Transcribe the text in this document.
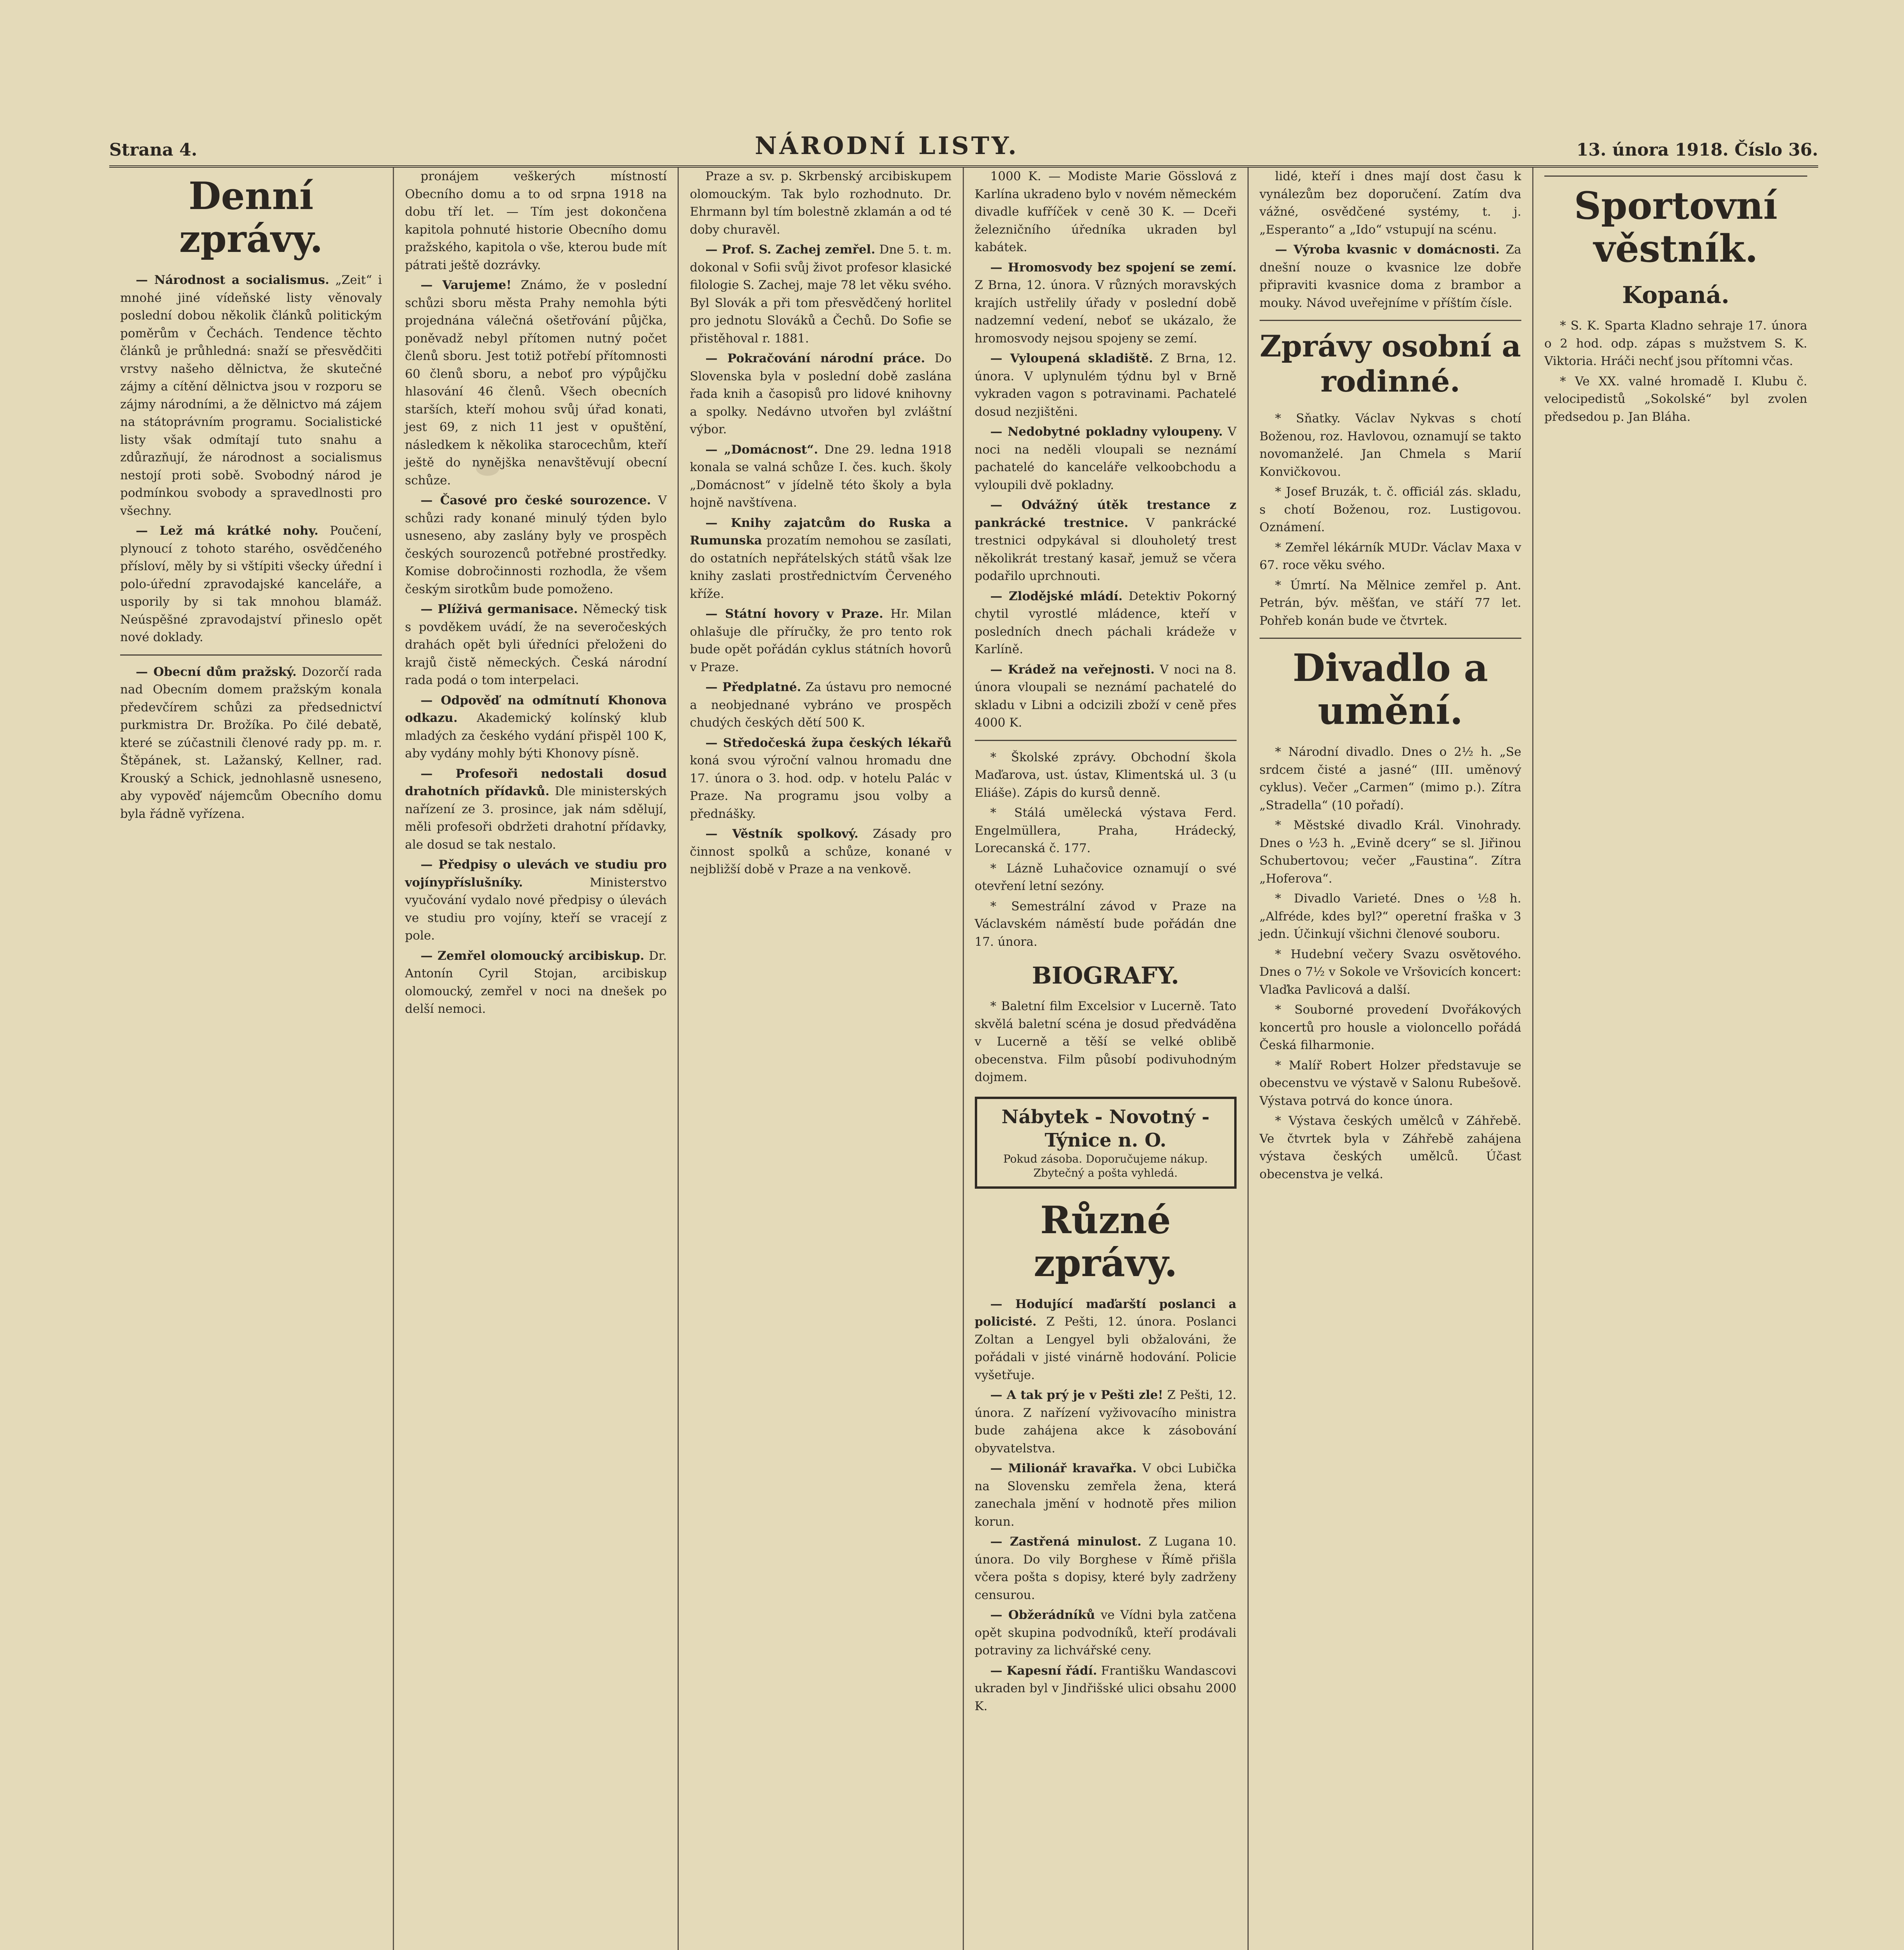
Strana 4.	NÁRODNÍ LISTY.	13. února 1918. Číslo 36.
Denní zprávy.

— Národnost a socialismus. „Zeit“ i mnohé jiné vídeňské listy věnovaly poslední dobou několik článků politickým poměrům v Čechách. Tendence těchto článků je průhledná: snaží se přesvědčiti vrstvy našeho dělnictva, že skutečné zájmy a cítění dělnictva jsou v rozporu se zájmy národními, a že dělnictvo má zájem na státoprávním programu. Socialistické listy však odmítají tuto snahu a zdůrazňují, že národnost a socialismus nestojí proti sobě. Svobodný národ je podmínkou svobody a spravedlnosti pro všechny.

— Lež má krátké nohy. Poučení, plynoucí z tohoto starého, osvědčeného přísloví, měly by si vštípiti všecky úřední i polo-úřední zpravodajské kanceláře, a usporily by si tak mnohou blamáž. Neúspěšné zpravodajství přineslo opět nové doklady.

— Obecní dům pražský. Dozorčí rada nad Obecním domem pražským konala předevčírem schůzi za předsednictví purkmistra Dr. Brožíka. Po čilé debatě, které se zúčastnili členové rady pp. m. r. Štěpánek, st. Lažanský, Kellner, rad. Krouský a Schick, jednohlasně usneseno, aby vypověď nájemcům Obecního domu byla řádně vyřízena.

pronájem veškerých místností Obecního domu a to od srpna 1918 na dobu tří let. — Tím jest dokončena kapitola pohnuté historie Obecního domu pražského, kapitola o vše, kterou bude mít pátrati ještě dozrávky.

— Varujeme! Známo, že v poslední schůzi sboru města Prahy nemohla býti projednána válečná ošetřování půjčka, poněvadž nebyl přítomen nutný počet členů sboru. Jest totiž potřebí přítomnosti 60 členů sboru, a neboť pro výpůjčku hlasování 46 členů. Všech obecních starších, kteří mohou svůj úřad konati, jest 69, z nich 11 jest v opuštění, následkem k několika starocechům, kteří ještě do nynějška nenavštěvují obecní schůze.

— Časové pro české sourozence. V schůzi rady konané minulý týden bylo usneseno, aby zaslány byly ve prospěch českých sourozenců potřebné prostředky. Komise dobročinnosti rozhodla, že všem českým sirotkům bude pomoženo.

— Plíživá germanisace. Německý tisk s povděkem uvádí, že na severočeských drahách opět byli úředníci přeloženi do krajů čistě německých. Česká národní rada podá o tom interpelaci.

— Odpověď na odmítnutí Khonova odkazu. Akademický kolínský klub mladých za českého vydání přispěl 100 K, aby vydány mohly býti Khonovy písně.

— Profesoři nedostali dosud drahotních přídavků. Dle ministerských nařízení ze 3. prosince, jak nám sdělují, měli profesoři obdržeti drahotní přídavky, ale dosud se tak nestalo.

— Předpisy o ulevách ve studiu pro vojínypříslušníky.	Ministerstvo vyučování vydalo nové předpisy o úlevách ve studiu pro vojíny, kteří se vracejí z pole.

— Zemřel olomoucký arcibiskup. Dr. Antonín Cyril Stojan, arcibiskup olomoucký, zemřel v noci na dnešek po delší nemoci.

Praze a sv. p. Skrbenský arcibiskupem olomouckým. Tak bylo rozhodnuto. Dr. Ehrmann byl tím bolestně zklamán a od té doby churavěl.

— Prof. S. Zachej zemřel. Dne 5. t. m. dokonal v Sofii svůj život profesor klasické filologie S. Zachej, maje 78 let věku svého. Byl Slovák a při tom přesvědčený horlitel pro jednotu Slováků a Čechů. Do Sofie se přistěhoval r. 1881.

— Pokračování národní práce. Do Slovenska byla v poslední době zaslána řada knih a časopisů pro lidové knihovny a spolky. Nedávno utvořen byl zvláštní výbor.

— „Domácnost“. Dne 29. ledna 1918 konala se valná schůze I. čes. kuch. školy „Domácnost“ v jídelně této školy a byla hojně navštívena.

— Knihy zajatcům do Ruska a Rumunska prozatím nemohou se zasílati, do ostatních nepřátelských států však lze knihy zaslati prostřednictvím Červeného kříže.

— Státní hovory v Praze. Hr. Milan ohlašuje dle příručky, že pro tento rok bude opět pořádán cyklus státních hovorů v Praze.

— Předplatné. Za ústavu pro nemocné a neobjednané vybráno ve prospěch chudých českých dětí 500 K.

— Středočeská župa českých lékařů koná svou výroční valnou hromadu dne 17. února o 3. hod. odp. v hotelu Palác v Praze. Na programu jsou volby a přednášky.

— Věstník spolkový. Zásady pro činnost spolků a schůze, konané v nejbližší době v Praze a na venkově.

1000 K. — Modiste Marie Gösslová z Karlína ukradeno bylo v novém německém divadle kufříček v ceně 30 K. — Dceři železničního úředníka ukraden byl kabátek.

— Hromosvody bez spojení se zemí. Z Brna, 12. února. V různých moravských krajích ustřelily úřady v poslední době nadzemní vedení, neboť se ukázalo, že hromosvody nejsou spojeny se zemí.

— Vyloupená skladiště. Z Brna, 12. února. V uplynulém týdnu byl v Brně vykraden vagon s potravinami. Pachatelé dosud nezjištěni.

— Nedobytné pokladny vyloupeny. V noci na neděli vloupali se neznámí pachatelé do kanceláře velkoobchodu a vyloupili dvě pokladny.

— Odvážný útěk trestance z pankrácké trestnice. V pankrácké trestnici odpykával si dlouholetý trest několikrát trestaný kasař, jemuž se včera podařilo uprchnouti.

— Zlodějské mládí. Detektiv Pokorný chytil vyrostlé mládence, kteří v posledních dnech páchali krádeže v Karlíně.

— Krádež na veřejnosti. V noci na 8. února vloupali se neznámí pachatelé do skladu v Libni a odcizili zboží v ceně přes 4000 K.

* Školské zprávy. Obchodní škola Maďarova, ust. ústav, Klimentská ul. 3 (u Eliáše). Zápis do kursů denně.

* Stálá umělecká výstava Ferd. Engelmüllera, Praha, Hrádecký, Lorecanská č. 177.

* Lázně Luhačovice oznamují o své otevření letní sezóny.

* Semestrální závod v Praze na Václavském náměstí bude pořádán dne 17. února.

BIOGRAFY.

* Baletní film Excelsior v Lucerně. Tato skvělá baletní scéna je dosud předváděna v Lucerně a těší se velké oblibě obecenstva. Film působí podivuhodným dojmem.

Nábytek - Novotný - Týnice n. O.
Pokud zásoba. Doporučujeme nákup. Zbytečný a pošta vyhledá.
Různé zprávy.

— Hodující maďarští poslanci a policisté. Z Pešti, 12. února. Poslanci Zoltan a Lengyel byli obžalováni, že pořádali v jisté vinárně hodování. Policie vyšetřuje.

— A tak prý je v Pešti zle! Z Pešti, 12. února. Z nařízení vyživovacího ministra bude zahájena akce k zásobování obyvatelstva.

— Milionář kravařka. V obci Lubička na Slovensku zemřela žena, která zanechala jmění v hodnotě přes milion korun.

— Zastřená minulost. Z Lugana 10. února. Do vily Borghese v Římě přišla včera pošta s dopisy, které byly zadrženy censurou.

— Obžerádníků ve Vídni byla zatčena opět skupina podvodníků, kteří prodávali potraviny za lichvářské ceny.

— Kapesní řádí. Františku Wandascovi ukraden byl v Jindřišské ulici obsahu 2000 K.

lidé, kteří i dnes mají dost času k vynálezům bez doporučení. Zatím dva vážné, osvědčené systémy, t. j. „Esperanto“ a „Ido“ vstupují na scénu.

— Výroba kvasnic v domácnosti. Za dnešní nouze o kvasnice lze dobře připraviti kvasnice doma z brambor a mouky. Návod uveřejníme v příštím čísle.

Zprávy osobní a rodinné.

* Sňatky. Václav Nykvas s chotí Boženou, roz. Havlovou, oznamují se takto novomanželé. Jan Chmela s Marií Konvičkovou.

* Josef Bruzák, t. č. officiál zás. skladu, s chotí Boženou, roz. Lustigovou. Oznámení.

* Zemřel lékárník MUDr. Václav Maxa v 67. roce věku svého.

* Úmrtí. Na Mělnice zemřel p. Ant. Petrán, býv. měšťan, ve stáří 77 let. Pohřeb konán bude ve čtvrtek.

Divadlo a umění.

* Národní divadlo. Dnes o 2½ h. „Se srdcem čisté a jasné“ (III. uměnový cyklus). Večer „Carmen“ (mimo p.). Zítra „Stradella“ (10 pořadí).

* Městské divadlo Král. Vinohrady. Dnes o ½3 h. „Evině dcery“ se sl. Jiřinou Schubertovou; večer „Faustina“. Zítra „Hoferova“.

* Divadlo Varieté. Dnes o ½8 h. „Alfréde, kdes byl?“ operetní fraška v 3 jedn. Účinkují všichni členové souboru.

* Hudební večery Svazu osvětového. Dnes o 7½ v Sokole ve Vršovicích koncert: Vlaďka Pavlicová a další.

* Souborné provedení Dvořákových koncertů pro housle a violoncello pořádá Česká filharmonie.

* Malíř Robert Holzer představuje se obecenstvu ve výstavě v Salonu Rubešově. Výstava potrvá do konce února.

* Výstava českých umělců v Záhřebě. Ve čtvrtek byla v Záhřebě zahájena výstava českých umělců. Účast obecenstva je velká.

Sportovní věstník.
Kopaná.

* S. K. Sparta Kladno sehraje 17. února o 2 hod. odp. zápas s mužstvem S. K. Viktoria. Hráči nechť jsou přítomni včas.

* Ve XX. valné hromadě I. Klubu č. velocipedistů „Sokolské“ byl zvolen předsedou p. Jan Bláha.
